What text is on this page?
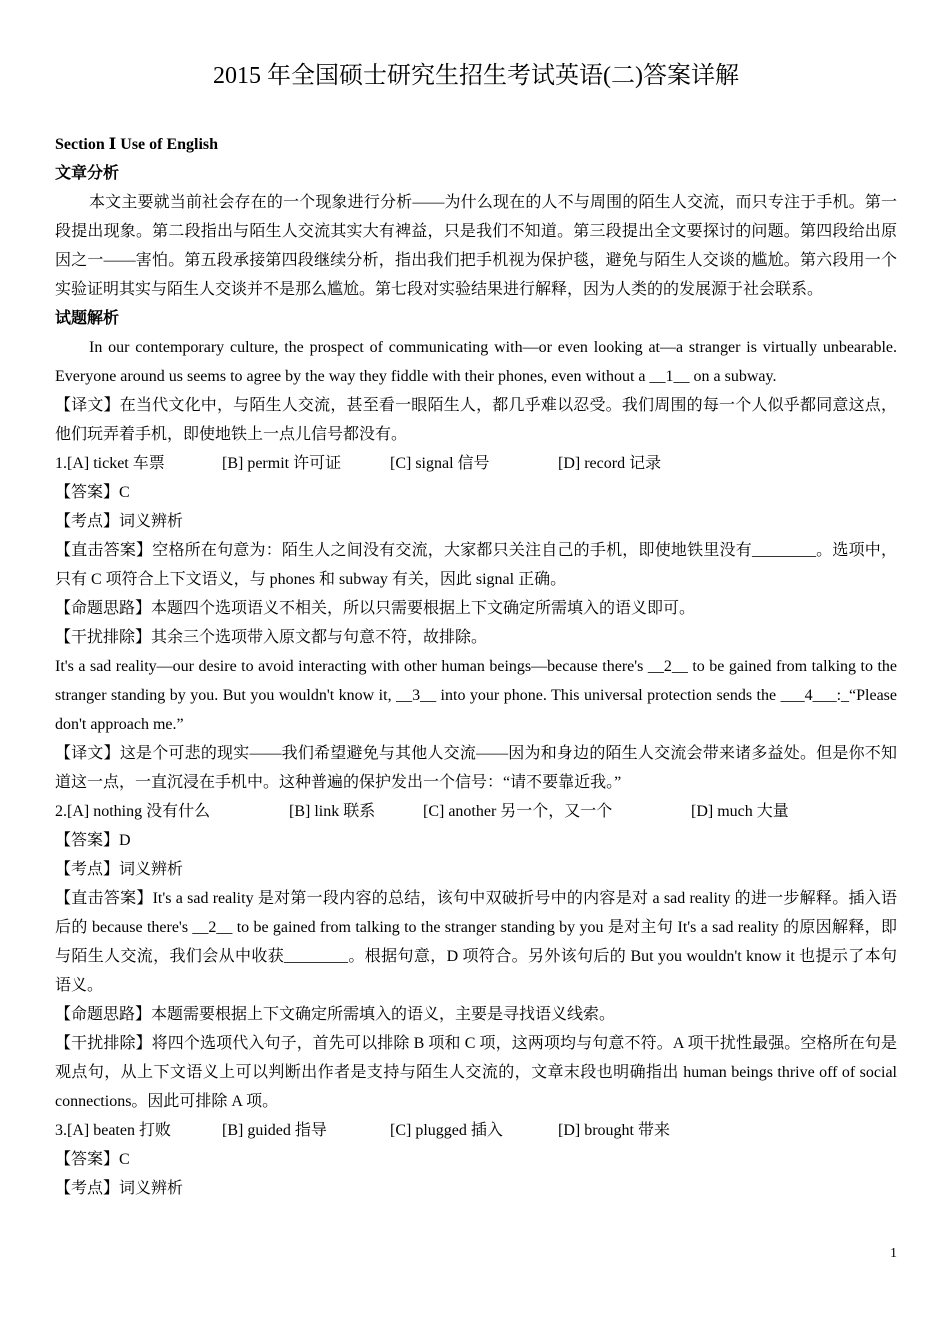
2015 年全国硕士研究生招生考试英语(二)答案详解
Section Ⅰ Use of English
文章分析

本文主要就当前社会存在的一个现象进行分析——为什么现在的人不与周围的陌生人交流，而只专注于手机。第一段提出现象。第二段指出与陌生人交流其实大有裨益，只是我们不知道。第三段提出全文要探讨的问题。第四段给出原因之一——害怕。第五段承接第四段继续分析，指出我们把手机视为保护毯，避免与陌生人交谈的尴尬。第六段用一个实验证明其实与陌生人交谈并不是那么尴尬。第七段对实验结果进行解释，因为人类的的发展源于社会联系。

试题解析

In our contemporary culture, the prospect of communicating with—or even looking at—a stranger is virtually unbearable. Everyone around us seems to agree by the way they fiddle with their phones, even without a __1__ on a subway.

【译文】在当代文化中，与陌生人交流，甚至看一眼陌生人，都几乎难以忍受。我们周围的每一个人似乎都同意这点，他们玩弄着手机，即使地铁上一点儿信号都没有。

1.[A] ticket 车票	[B] permit 许可证	[C] signal 信号	[D] record 记录

【答案】C

【考点】词义辨析

【直击答案】空格所在句意为：陌生人之间没有交流，大家都只关注自己的手机，即使地铁里没有________。选项中，只有 C 项符合上下文语义，与 phones 和 subway 有关，因此 signal 正确。

【命题思路】本题四个选项语义不相关，所以只需要根据上下文确定所需填入的语义即可。

【干扰排除】其余三个选项带入原文都与句意不符，故排除。

It's a sad reality—our desire to avoid interacting with other human beings—because there's __2__ to be gained from talking to the stranger standing by you. But you wouldn't know it, __3__ into your phone. This universal protection sends the ___4___:_“Please don't approach me.”

【译文】这是个可悲的现实——我们希望避免与其他人交流——因为和身边的陌生人交流会带来诸多益处。但是你不知道这一点，一直沉浸在手机中。这种普遍的保护发出一个信号：“请不要靠近我。”

2.[A] nothing 没有什么	[B] link 联系	[C] another 另一个，又一个	[D] much 大量

【答案】D

【考点】词义辨析

【直击答案】It's a sad reality 是对第一段内容的总结，该句中双破折号中的内容是对 a sad reality 的进一步解释。插入语后的 because there's __2__ to be gained from talking to the stranger standing by you 是对主句 It's a sad reality 的原因解释，即与陌生人交流，我们会从中收获________。根据句意，D 项符合。另外该句后的 But you wouldn't know it 也提示了本句语义。

【命题思路】本题需要根据上下文确定所需填入的语义，主要是寻找语义线索。

【干扰排除】将四个选项代入句子，首先可以排除 B 项和 C 项，这两项均与句意不符。A 项干扰性最强。空格所在句是观点句，从上下文语义上可以判断出作者是支持与陌生人交流的，文章末段也明确指出 human beings thrive off of social connections。因此可排除 A 项。

3.[A] beaten 打败	[B] guided 指导	[C] plugged 插入	[D] brought 带来

【答案】C

【考点】词义辨析

1
